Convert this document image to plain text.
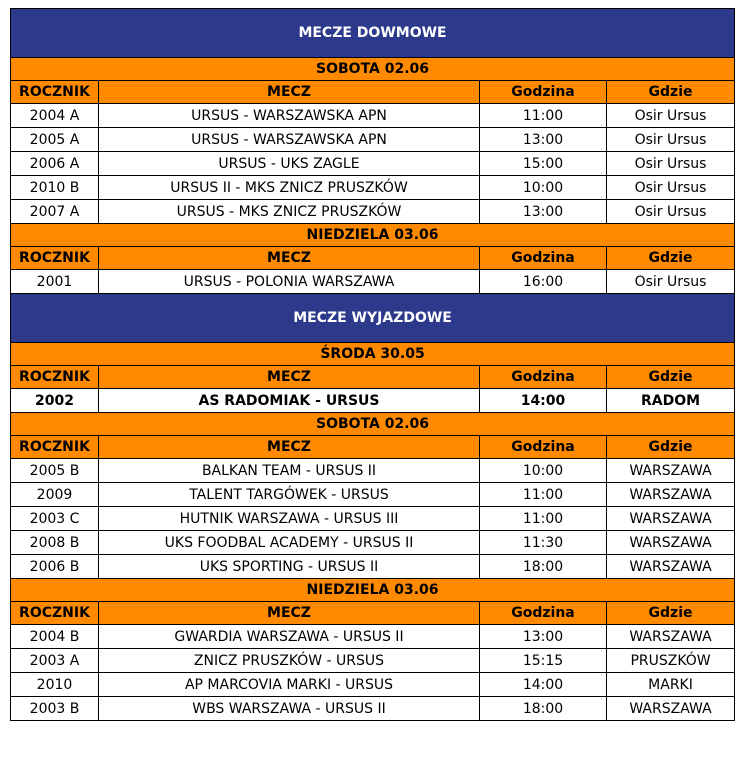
MECZE DOWMOWE			
SOBOTA 02.06			
ROCZNIK	MECZ	Godzina	Gdzie
2004 A	URSUS - WARSZAWSKA APN	11:00	Osir Ursus
2005 A	URSUS - WARSZAWSKA APN	13:00	Osir Ursus
2006 A	URSUS - UKS ZAGLE	15:00	Osir Ursus
2010 B	URSUS II - MKS ZNICZ PRUSZKÓW	10:00	Osir Ursus
2007 A	URSUS - MKS ZNICZ PRUSZKÓW	13:00	Osir Ursus
NIEDZIELA 03.06			
ROCZNIK	MECZ	Godzina	Gdzie
2001	URSUS - POLONIA WARSZAWA	16:00	Osir Ursus
MECZE WYJAZDOWE			
ŚRODA 30.05			
ROCZNIK	MECZ	Godzina	Gdzie
2002	AS RADOMIAK - URSUS	14:00	RADOM
SOBOTA 02.06			
ROCZNIK	MECZ	Godzina	Gdzie
2005 B	BALKAN TEAM - URSUS II	10:00	WARSZAWA
2009	TALENT TARGÓWEK - URSUS	11:00	WARSZAWA
2003 C	HUTNIK WARSZAWA - URSUS III	11:00	WARSZAWA
2008 B	UKS FOODBAL ACADEMY - URSUS II	11:30	WARSZAWA
2006 B	UKS SPORTING - URSUS II	18:00	WARSZAWA
NIEDZIELA 03.06			
ROCZNIK	MECZ	Godzina	Gdzie
2004 B	GWARDIA WARSZAWA - URSUS II	13:00	WARSZAWA
2003 A	ZNICZ PRUSZKÓW - URSUS	15:15	PRUSZKÓW
2010	AP MARCOVIA MARKI - URSUS	14:00	MARKI
2003 B	WBS WARSZAWA - URSUS II	18:00	WARSZAWA
